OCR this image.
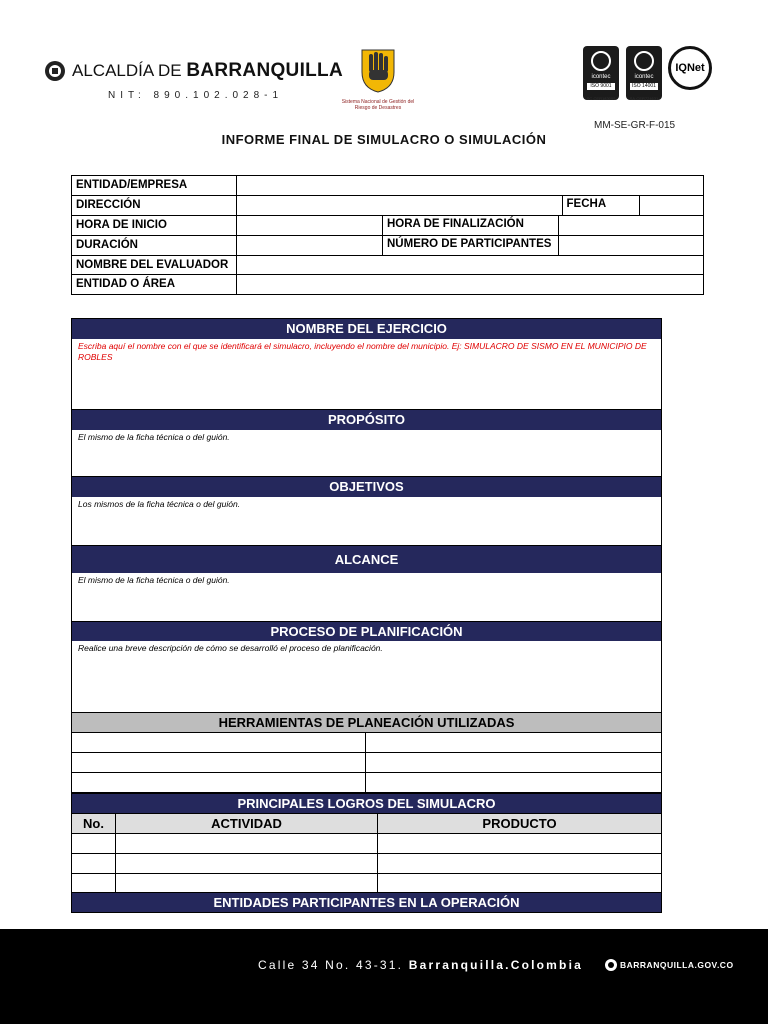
ALCALDÍA DE BARRANQUILLA
NIT: 890.102.028-1
Sistema Nacional de Gestión del Riesgo de Desastres
icontec
ISO 9001
SC-CER183099
icontec
ISO 14001
SA-CER724631
IQNet
MM-SE-GR-F-015
INFORME FINAL DE SIMULACRO O SIMULACIÓN
ENTIDAD/EMPRESA			
DIRECCIÓN			FECHA

HORA DE INICIO		HORA DE FINALIZACIÓN	

DURACIÓN		NÚMERO DE PARTICIPANTES	

NOMBRE DEL EVALUADOR			
ENTIDAD O ÁREA			
NOMBRE DEL EJERCICIO
Escriba aquí el nombre con el que se identificará el simulacro, incluyendo el nombre del municipio. Ej: SIMULACRO DE SISMO EN EL MUNICIPIO DE ROBLES
PROPÓSITO
El mismo de la ficha técnica o del guión.
OBJETIVOS
Los mismos de la ficha técnica o del guión.
ALCANCE
El mismo de la ficha técnica o del guión.
PROCESO DE PLANIFICACIÓN
Realice una breve descripción de cómo se desarrolló el proceso de planificación.
HERRAMIENTAS DE PLANEACIÓN UTILIZADAS

PRINCIPALES LOGROS DEL SIMULACRO
No.	ACTIVIDAD	PRODUCTO

ENTIDADES PARTICIPANTES EN LA OPERACIÓN
Calle 34 No. 43-31. Barranquilla.Colombia	BARRANQUILLA.GOV.CO
